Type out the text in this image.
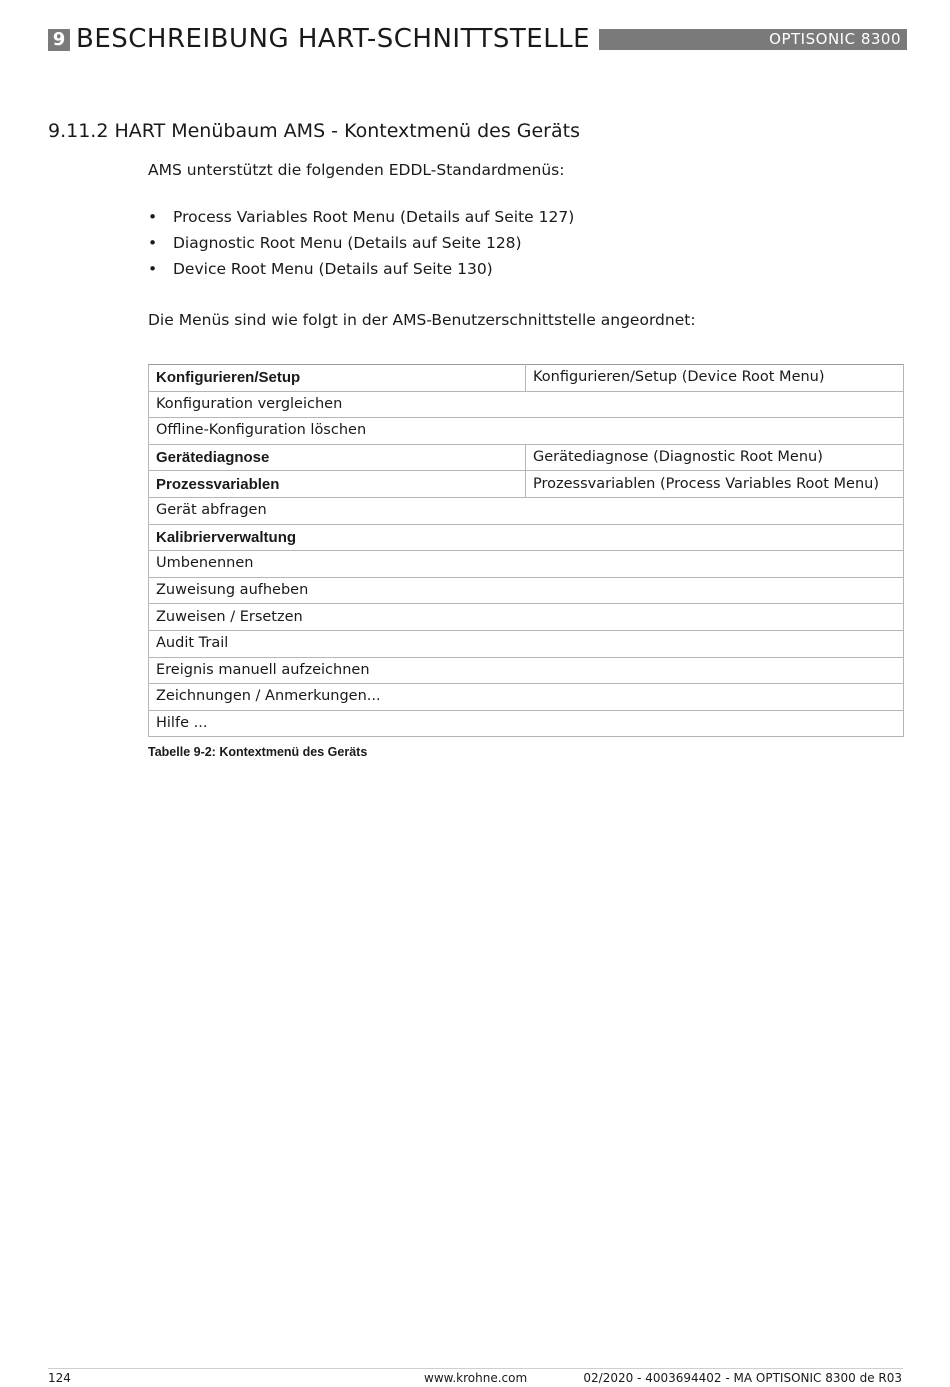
9 BESCHREIBUNG HART-SCHNITTSTELLE	OPTISONIC 8300
9.11.2 HART Menübaum AMS - Kontextmenü des Geräts
AMS unterstützt die folgenden EDDL-Standardmenüs:
• Process Variables Root Menu (Details auf Seite 127)
• Diagnostic Root Menu (Details auf Seite 128)
• Device Root Menu (Details auf Seite 130)
Die Menüs sind wie folgt in der AMS-Benutzerschnittstelle angeordnet:
Konfigurieren/Setup	Konfigurieren/Setup (Device Root Menu)
Konfiguration vergleichen	
Offline-Konfiguration löschen	
Gerätediagnose	Gerätediagnose (Diagnostic Root Menu)
Prozessvariablen	Prozessvariablen (Process Variables Root Menu)
Gerät abfragen	
Kalibrierverwaltung	
Umbenennen	
Zuweisung aufheben	
Zuweisen / Ersetzen	
Audit Trail	
Ereignis manuell aufzeichnen	
Zeichnungen / Anmerkungen...	
Hilfe ...	
Tabelle 9-2: Kontextmenü des Geräts
124	www.krohne.com	02/2020 - 4003694402 - MA OPTISONIC 8300 de R03
